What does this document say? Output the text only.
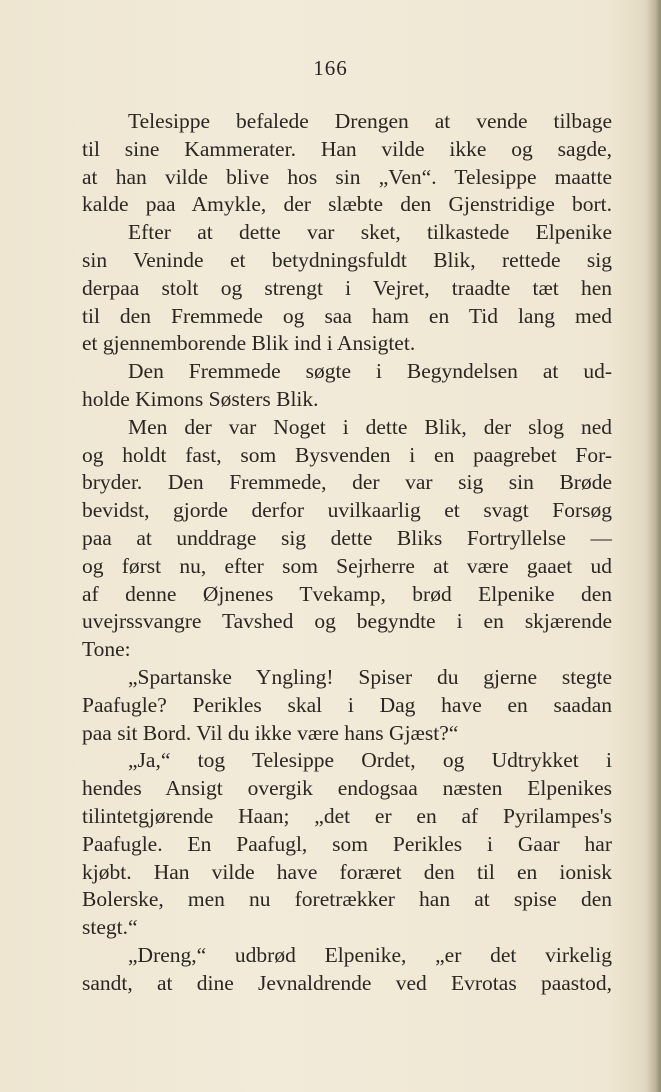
166
Telesippe befalede Drengen at vende tilbage
til sine Kammerater. Han vilde ikke og sagde,
at han vilde blive hos sin „Ven“. Telesippe maatte
kalde paa Amykle, der slæbte den Gjenstridige bort.
Efter at dette var sket, tilkastede Elpenike
sin Veninde et betydningsfuldt Blik, rettede sig
derpaa stolt og strengt i Vejret, traadte tæt hen
til den Fremmede og saa ham en Tid lang med
et gjennemborende Blik ind i Ansigtet.
Den Fremmede søgte i Begyndelsen at ud-
holde Kimons Søsters Blik.
Men der var Noget i dette Blik, der slog ned
og holdt fast, som Bysvenden i en paagrebet For-
bryder. Den Fremmede, der var sig sin Brøde
bevidst, gjorde derfor uvilkaarlig et svagt Forsøg
paa at unddrage sig dette Bliks Fortryllelse —
og først nu, efter som Sejrherre at være gaaet ud
af denne Øjnenes Tvekamp, brød Elpenike den
uvejrssvangre Tavshed og begyndte i en skjærende
Tone:
„Spartanske Yngling! Spiser du gjerne stegte
Paafugle? Perikles skal i Dag have en saadan
paa sit Bord. Vil du ikke være hans Gjæst?“
„Ja,“ tog Telesippe Ordet, og Udtrykket i
hendes Ansigt overgik endogsaa næsten Elpenikes
tilintetgjørende Haan; „det er en af Pyrilampes's
Paafugle. En Paafugl, som Perikles i Gaar har
kjøbt. Han vilde have foræret den til en ionisk
Bolerske, men nu foretrækker han at spise den
stegt.“
„Dreng,“ udbrød Elpenike, „er det virkelig
sandt, at dine Jevnaldrende ved Evrotas paastod,
